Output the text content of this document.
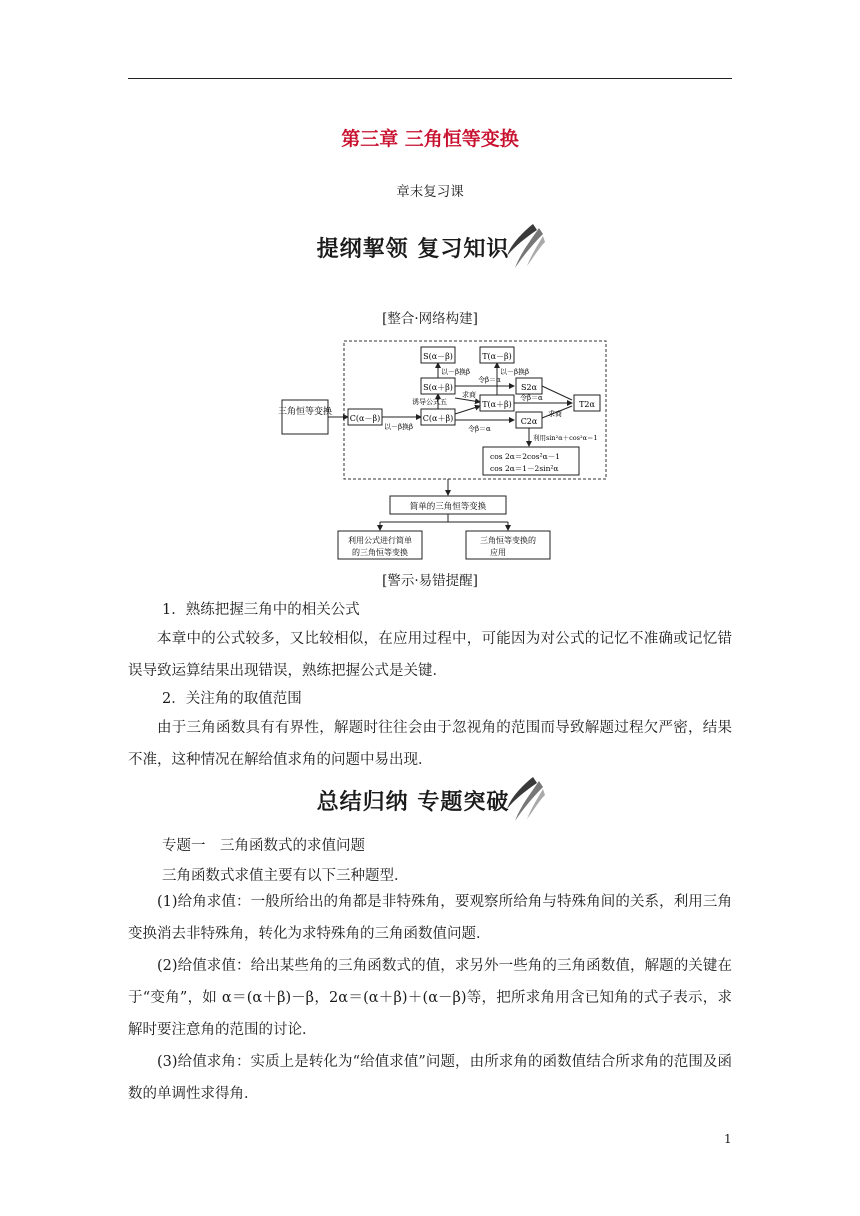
第三章 三角恒等变换
章末复习课
提纲挈领 复习知识
[整合·网络构建]
三角恒等变换
C(α－β)
以－β换β
C(α＋β)
诱导公式五
S(α＋β)
以－β换β
S(α－β)
令β＝α
T(α＋β)
求商
以－β换β
T(α－β)
S2α
令β＝α
求商
T2α
令β＝α
C2α
利用sin²α＋cos²α＝1
cos 2α＝2cos²α－1
cos 2α＝1－2sin²α
简单的三角恒等变换
利用公式进行简单
的三角恒等变换
三角恒等变换的
应用
[警示·易错提醒]
1．熟练把握三角中的相关公式
本章中的公式较多，又比较相似，在应用过程中，可能因为对公式的记忆不准确或记忆错误导致运算结果出现错误，熟练把握公式是关键．
2．关注角的取值范围
由于三角函数具有有界性，解题时往往会由于忽视角的范围而导致解题过程欠严密，结果不准，这种情况在解给值求角的问题中易出现．
总结归纳 专题突破
专题一　三角函数式的求值问题
三角函数式求值主要有以下三种题型．
(1)给角求值：一般所给出的角都是非特殊角，要观察所给角与特殊角间的关系，利用三角变换消去非特殊角，转化为求特殊角的三角函数值问题．
(2)给值求值：给出某些角的三角函数式的值，求另外一些角的三角函数值，解题的关键在于“变角”，如 α＝(α＋β)－β，2α＝(α＋β)＋(α－β)等，把所求角用含已知角的式子表示，求解时要注意角的范围的讨论．
(3)给值求角：实质上是转化为“给值求值”问题，由所求角的函数值结合所求角的范围及函数的单调性求得角．
1
